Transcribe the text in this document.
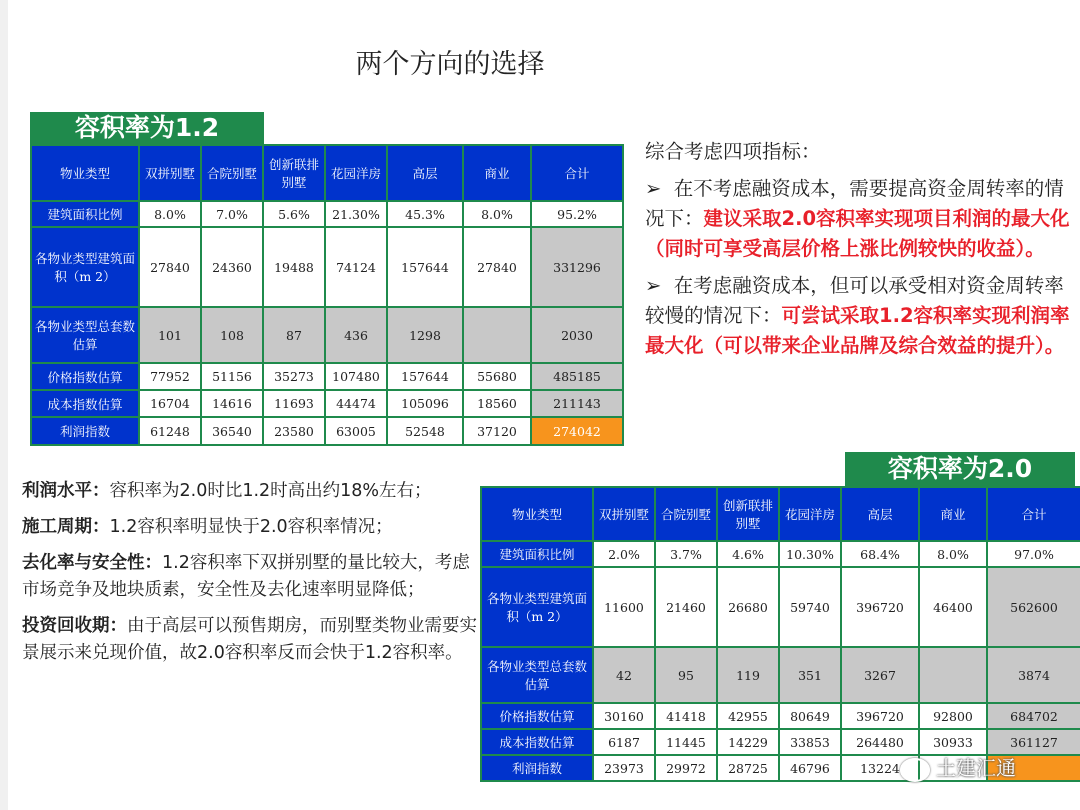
两个方向的选择
容积率为1.2
物业类型	双拼别墅	合院别墅	创新联排别墅	花园洋房	高层	商业	合计
建筑面积比例	8.0%	7.0%	5.6%	21.30%	45.3%	8.0%	95.2%
各物业类型建筑面积（m 2）	27840	24360	19488	74124	157644	27840	331296
各物业类型总套数估算	101	108	87	436	1298		2030
价格指数估算	77952	51156	35273	107480	157644	55680	485185
成本指数估算	16704	14616	11693	44474	105096	18560	211143
利润指数	61248	36540	23580	63005	52548	37120	274042

综合考虑四项指标：

➢ 在不考虑融资成本，需要提高资金周转率的情况下：建议采取2.0容积率实现项目利润的最大化（同时可享受高层价格上涨比例较快的收益）。

➢ 在考虑融资成本，但可以承受相对资金周转率较慢的情况下：可尝试采取1.2容积率实现利润率最大化（可以带来企业品牌及综合效益的提升）。

利润水平：容积率为2.0时比1.2时高出约18%左右；

施工周期：1.2容积率明显快于2.0容积率情况；

去化率与安全性：1.2容积率下双拼别墅的量比较大，考虑市场竞争及地块质素，安全性及去化速率明显降低；

投资回收期：由于高层可以预售期房，而别墅类物业需要实景展示来兑现价值，故2.0容积率反而会快于1.2容积率。

容积率为2.0
物业类型	双拼别墅	合院别墅	创新联排别墅	花园洋房	高层	商业	合计
建筑面积比例	2.0%	3.7%	4.6%	10.30%	68.4%	8.0%	97.0%
各物业类型建筑面积（m 2）	11600	21460	26680	59740	396720	46400	562600
各物业类型总套数估算	42	95	119	351	3267		3874
价格指数估算	30160	41418	42955	80649	396720	92800	684702
成本指数估算	6187	11445	14229	33853	264480	30933	361127
利润指数	23973	29972	28725	46796	13224			土建汇通
